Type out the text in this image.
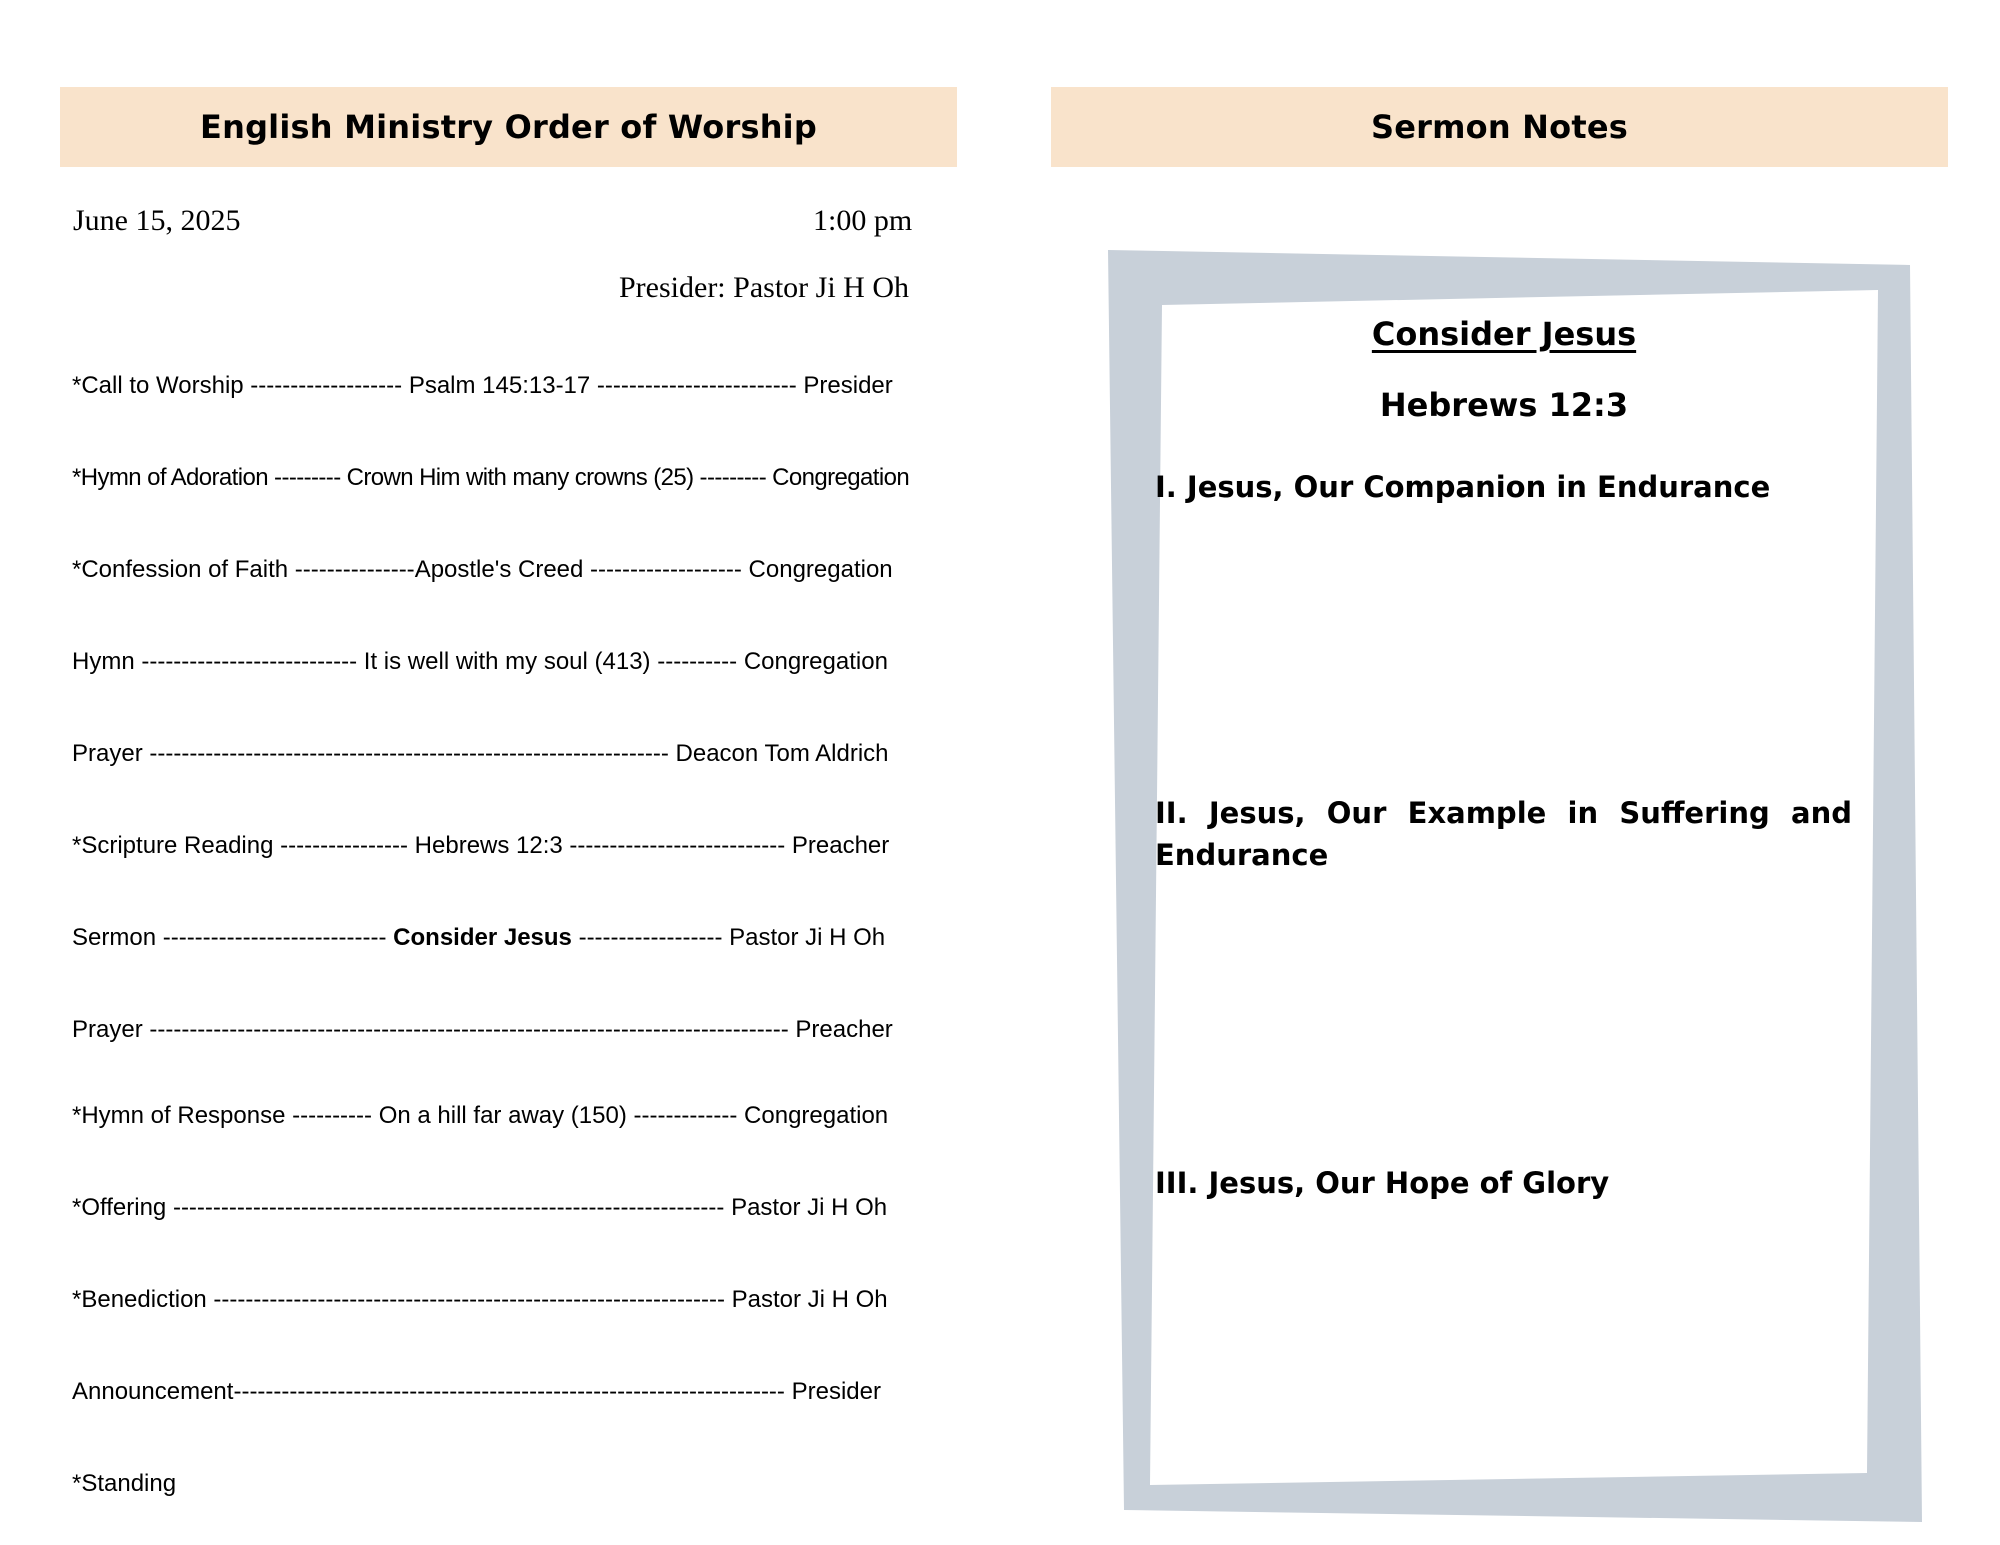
English Ministry Order of Worship	Sermon Notes
June 15, 2025	1:00 pm
Presider: Pastor Ji H Oh
*Call to Worship ------------------- Psalm 145:13-17 ------------------------- Presider
*Hymn of Adoration --------- Crown Him with many crowns (25) --------- Congregation
*Confession of Faith ---------------Apostle's Creed ------------------- Congregation
Hymn --------------------------- It is well with my soul (413) ---------- Congregation
Prayer ----------------------------------------------------------------- Deacon Tom Aldrich
*Scripture Reading ---------------- Hebrews 12:3 --------------------------- Preacher
Sermon ---------------------------- Consider Jesus ------------------ Pastor Ji H Oh
Prayer -------------------------------------------------------------------------------- Preacher
*Hymn of Response ---------- On a hill far away (150) ------------- Congregation
*Offering --------------------------------------------------------------------- Pastor Ji H Oh
*Benediction ---------------------------------------------------------------- Pastor Ji H Oh
Announcement--------------------------------------------------------------------- Presider
*Standing
Consider Jesus
Hebrews 12:3
I. Jesus, Our Companion in Endurance
II. Jesus, Our Example in Suffering and Endurance
III. Jesus, Our Hope of Glory
